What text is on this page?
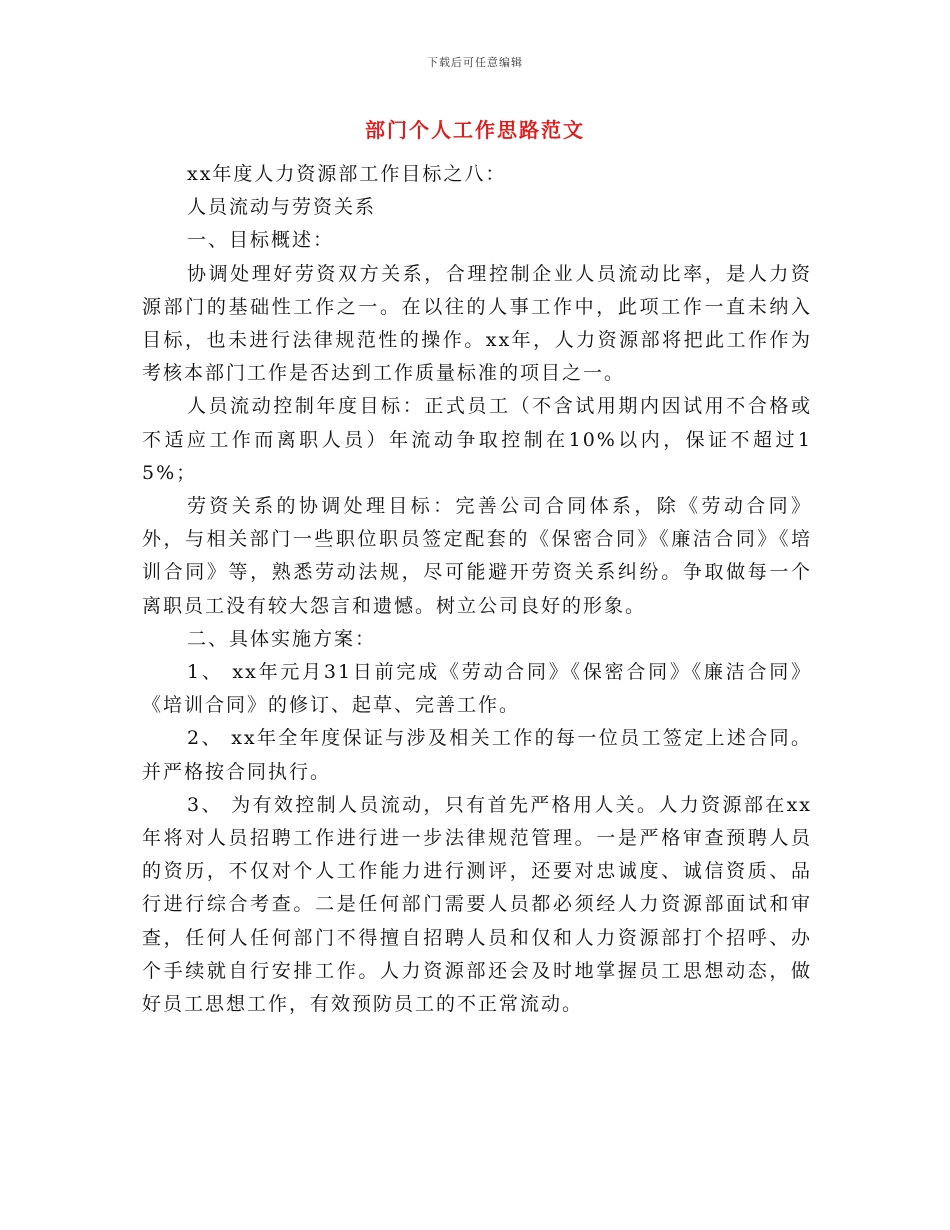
下载后可任意编辑
部门个人工作思路范文

xx年度人力资源部工作目标之八：

人员流动与劳资关系

一、目标概述：

协调处理好劳资双方关系，合理控制企业人员流动比率，是人力资源部门的基础性工作之一。在以往的人事工作中，此项工作一直未纳入目标，也未进行法律规范性的操作。xx年，人力资源部将把此工作作为考核本部门工作是否达到工作质量标准的项目之一。

人员流动控制年度目标：正式员工（不含试用期内因试用不合格或不适应工作而离职人员）年流动争取控制在10%以内，保证不超过15%；

劳资关系的协调处理目标：完善公司合同体系，除《劳动合同》外，与相关部门一些职位职员签定配套的《保密合同》《廉洁合同》《培训合同》等，熟悉劳动法规，尽可能避开劳资关系纠纷。争取做每一个离职员工没有较大怨言和遗憾。树立公司良好的形象。

二、具体实施方案：

1、 xx年元月31日前完成《劳动合同》《保密合同》《廉洁合同》《培训合同》的修订、起草、完善工作。

2、 xx年全年度保证与涉及相关工作的每一位员工签定上述合同。并严格按合同执行。

3、 为有效控制人员流动，只有首先严格用人关。人力资源部在xx年将对人员招聘工作进行进一步法律规范管理。一是严格审查预聘人员的资历，不仅对个人工作能力进行测评，还要对忠诚度、诚信资质、品行进行综合考查。二是任何部门需要人员都必须经人力资源部面试和审查，任何人任何部门不得擅自招聘人员和仅和人力资源部打个招呼、办个手续就自行安排工作。人力资源部还会及时地掌握员工思想动态，做好员工思想工作，有效预防员工的不正常流动。
